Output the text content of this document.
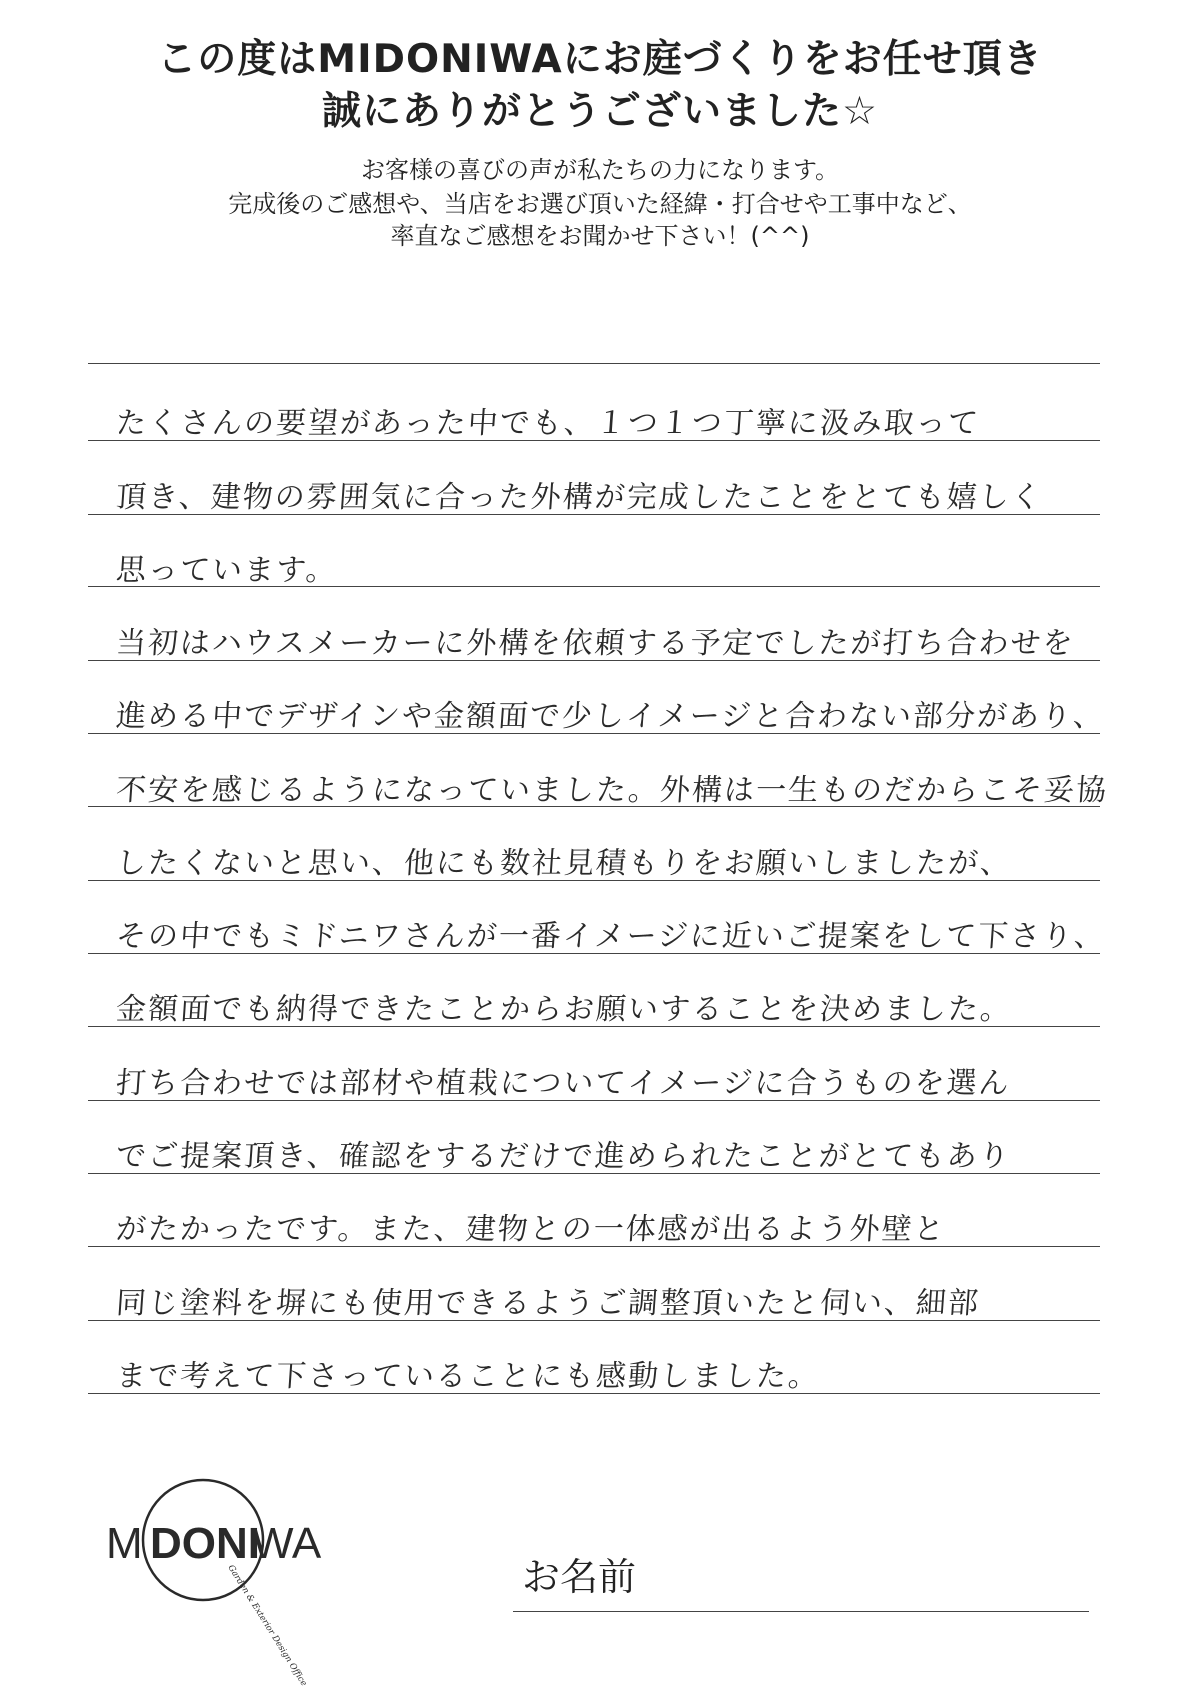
この度はMIDONIWAにお庭づくりをお任せ頂き
誠にありがとうございました☆
お客様の喜びの声が私たちの力になります。
完成後のご感想や、当店をお選び頂いた経緯・打合せや工事中など、
率直なご感想をお聞かせ下さい！(^^)
たくさんの要望があった中でも、１つ１つ丁寧に汲み取って
頂き、建物の雰囲気に合った外構が完成したことをとても嬉しく
思っています。
当初はハウスメーカーに外構を依頼する予定でしたが打ち合わせを
進める中でデザインや金額面で少しイメージと合わない部分があり、
不安を感じるようになっていました。外構は一生ものだからこそ妥協
したくないと思い、他にも数社見積もりをお願いしましたが、
その中でもミドニワさんが一番イメージに近いご提案をして下さり、
金額面でも納得できたことからお願いすることを決めました。
打ち合わせでは部材や植栽についてイメージに合うものを選ん
でご提案頂き、確認をするだけで進められたことがとてもあり
がたかったです。また、建物との一体感が出るよう外壁と
同じ塗料を塀にも使用できるようご調整頂いたと伺い、細部
まで考えて下さっていることにも感動しました。
M DONI
WA
Garden & Exterior Design Office	お名前
